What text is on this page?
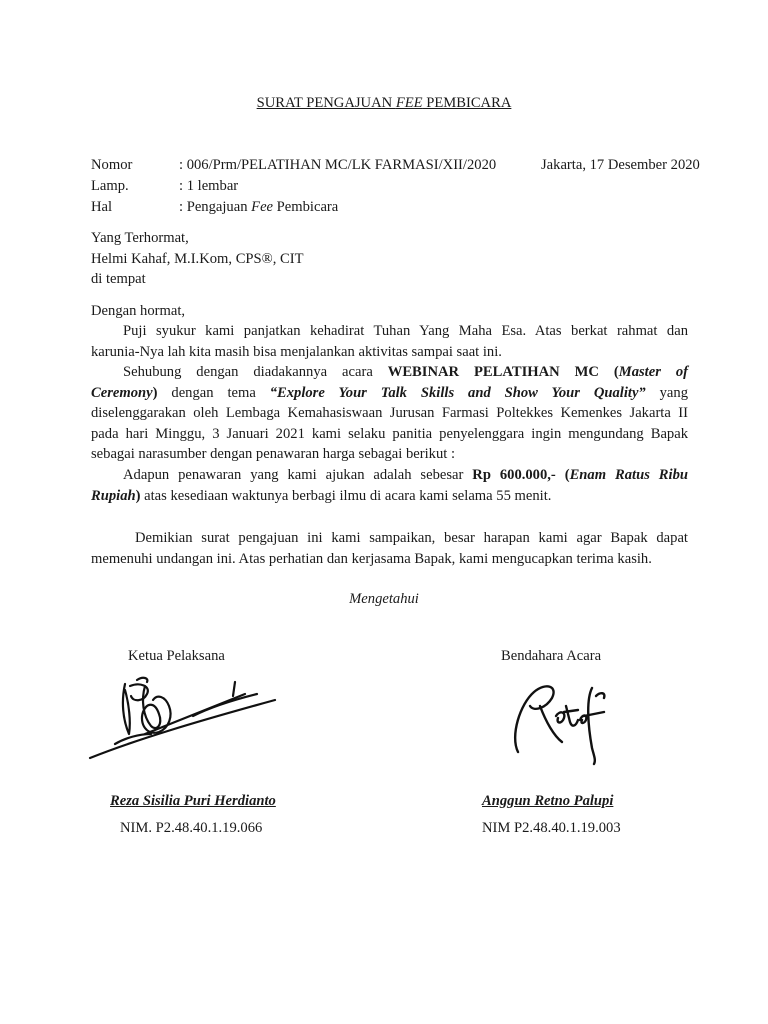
SURAT PENGAJUAN FEE PEMBICARA
Nomor	: 006/Prm/PELATIHAN MC/LK FARMASI/XII/2020	Jakarta, 17 Desember 2020
Lamp.	: 1 lembar
Hal	: Pengajuan Fee Pembicara
Yang Terhormat,
Helmi Kahaf, M.I.Kom, CPS®, CIT
di tempat
Dengan hormat,
Puji syukur kami panjatkan kehadirat Tuhan Yang Maha Esa. Atas berkat rahmat dan
karunia-Nya lah kita masih bisa menjalankan aktivitas sampai saat ini.
Sehubung dengan diadakannya acara WEBINAR PELATIHAN MC (Master of
Ceremony) dengan tema “Explore Your Talk Skills and Show Your Quality” yang
diselenggarakan oleh Lembaga Kemahasiswaan Jurusan Farmasi Poltekkes Kemenkes Jakarta II
pada hari Minggu, 3 Januari 2021 kami selaku panitia penyelenggara ingin mengundang Bapak
sebagai narasumber dengan penawaran harga sebagai berikut :
Adapun penawaran yang kami ajukan adalah sebesar Rp 600.000,- (Enam Ratus Ribu
Rupiah) atas kesediaan waktunya berbagi ilmu di acara kami selama 55 menit.
Demikian surat pengajuan ini kami sampaikan, besar harapan kami agar Bapak dapat
memenuhi undangan ini. Atas perhatian dan kerjasama Bapak, kami mengucapkan terima kasih.
Mengetahui
Ketua Pelaksana	Bendahara Acara
Reza Sisilia Puri Herdianto	Anggun Retno Palupi
NIM. P2.48.40.1.19.066	NIM P2.48.40.1.19.003
